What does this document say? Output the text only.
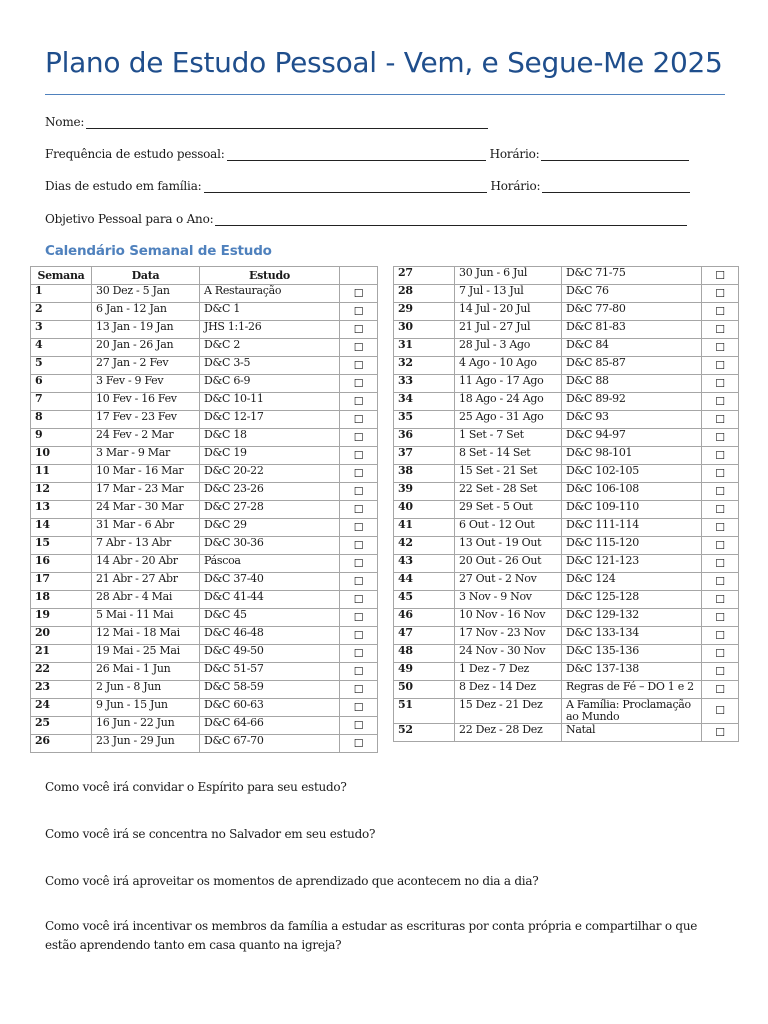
Plano de Estudo Pessoal - Vem, e Segue-Me 2025
Nome:
Frequência de estudo pessoal:	Horário:
Dias de estudo em família:	Horário:
Objetivo Pessoal para o Ano:
Calendário Semanal de Estudo
Semana	Data	Estudo	
1	30 Dez - 5 Jan	A Restauração	☐
2	6 Jan - 12 Jan	D&C 1	☐
3	13 Jan - 19 Jan	JHS 1:1-26	☐
4	20 Jan - 26 Jan	D&C 2	☐
5	27 Jan - 2 Fev	D&C 3-5	☐
6	3 Fev - 9 Fev	D&C 6-9	☐
7	10 Fev - 16 Fev	D&C 10-11	☐
8	17 Fev - 23 Fev	D&C 12-17	☐
9	24 Fev - 2 Mar	D&C 18	☐
10	3 Mar - 9 Mar	D&C 19	☐
11	10 Mar - 16 Mar	D&C 20-22	☐
12	17 Mar - 23 Mar	D&C 23-26	☐
13	24 Mar - 30 Mar	D&C 27-28	☐
14	31 Mar - 6 Abr	D&C 29	☐
15	7 Abr - 13 Abr	D&C 30-36	☐
16	14 Abr - 20 Abr	Páscoa	☐
17	21 Abr - 27 Abr	D&C 37-40	☐
18	28 Abr - 4 Mai	D&C 41-44	☐
19	5 Mai - 11 Mai	D&C 45	☐
20	12 Mai - 18 Mai	D&C 46-48	☐
21	19 Mai - 25 Mai	D&C 49-50	☐
22	26 Mai - 1 Jun	D&C 51-57	☐
23	2 Jun - 8 Jun	D&C 58-59	☐
24	9 Jun - 15 Jun	D&C 60-63	☐
25	16 Jun - 22 Jun	D&C 64-66	☐
26	23 Jun - 29 Jun	D&C 67-70	☐
27	30 Jun - 6 Jul	D&C 71-75	☐
28	7 Jul - 13 Jul	D&C 76	☐
29	14 Jul - 20 Jul	D&C 77-80	☐
30	21 Jul - 27 Jul	D&C 81-83	☐
31	28 Jul - 3 Ago	D&C 84	☐
32	4 Ago - 10 Ago	D&C 85-87	☐
33	11 Ago - 17 Ago	D&C 88	☐
34	18 Ago - 24 Ago	D&C 89-92	☐
35	25 Ago - 31 Ago	D&C 93	☐
36	1 Set - 7 Set	D&C 94-97	☐
37	8 Set - 14 Set	D&C 98-101	☐
38	15 Set - 21 Set	D&C 102-105	☐
39	22 Set - 28 Set	D&C 106-108	☐
40	29 Set - 5 Out	D&C 109-110	☐
41	6 Out - 12 Out	D&C 111-114	☐
42	13 Out - 19 Out	D&C 115-120	☐
43	20 Out - 26 Out	D&C 121-123	☐
44	27 Out - 2 Nov	D&C 124	☐
45	3 Nov - 9 Nov	D&C 125-128	☐
46	10 Nov - 16 Nov	D&C 129-132	☐
47	17 Nov - 23 Nov	D&C 133-134	☐
48	24 Nov - 30 Nov	D&C 135-136	☐
49	1 Dez - 7 Dez	D&C 137-138	☐
50	8 Dez - 14 Dez	Regras de Fé – DO 1 e 2	☐
51	15 Dez - 21 Dez	A Família: Proclamação ao Mundo	☐
52	22 Dez - 28 Dez	Natal	☐

Como você irá convidar o Espírito para seu estudo?

Como você irá se concentra no Salvador em seu estudo?

Como você irá aproveitar os momentos de aprendizado que acontecem no dia a dia?

Como você irá incentivar os membros da família a estudar as escrituras por conta própria e compartilhar o que estão aprendendo tanto em casa quanto na igreja?
